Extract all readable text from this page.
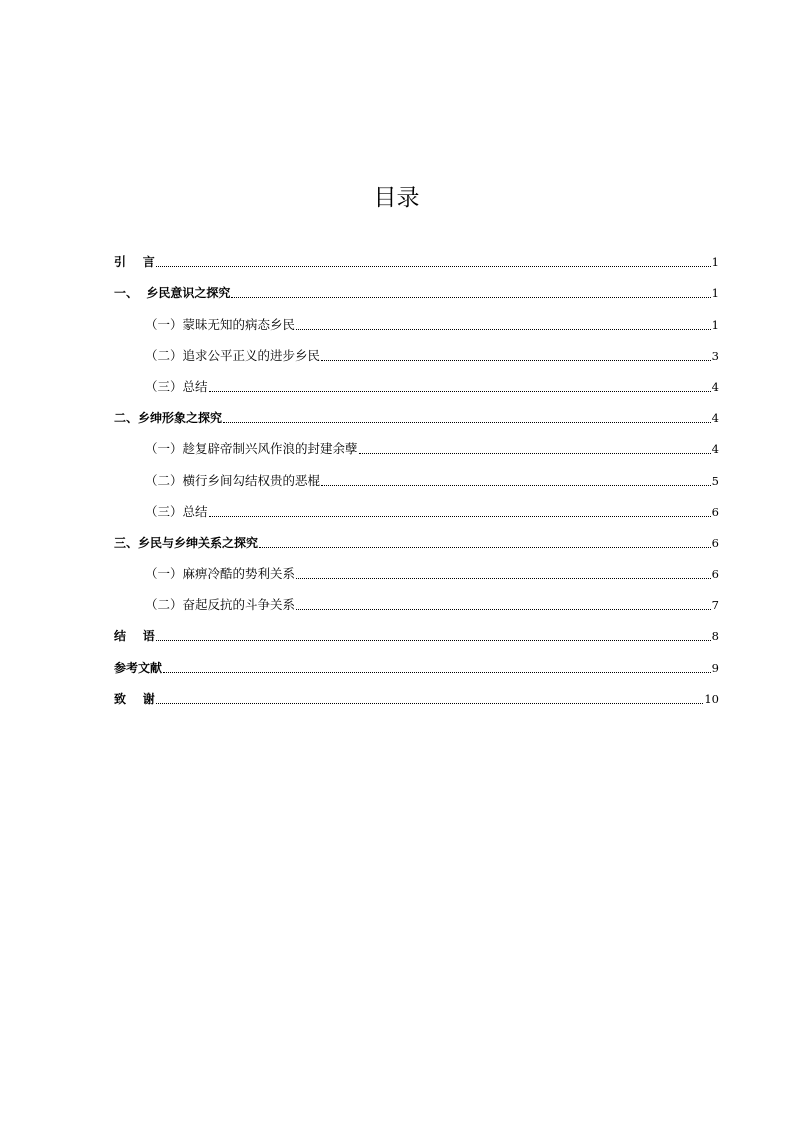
目录
引    言	1
一、  乡民意识之探究	1
（一）蒙昧无知的病态乡民	1
（二）追求公平正义的进步乡民	3
（三）总结	4
二、乡绅形象之探究	4
（一）趁复辟帝制兴风作浪的封建余孽	4
（二）横行乡间勾结权贵的恶棍	5
（三）总结	6
三、乡民与乡绅关系之探究	6
（一）麻痹冷酷的势利关系	6
（二）奋起反抗的斗争关系	7
结    语	8
参考文献	9
致    谢	10
